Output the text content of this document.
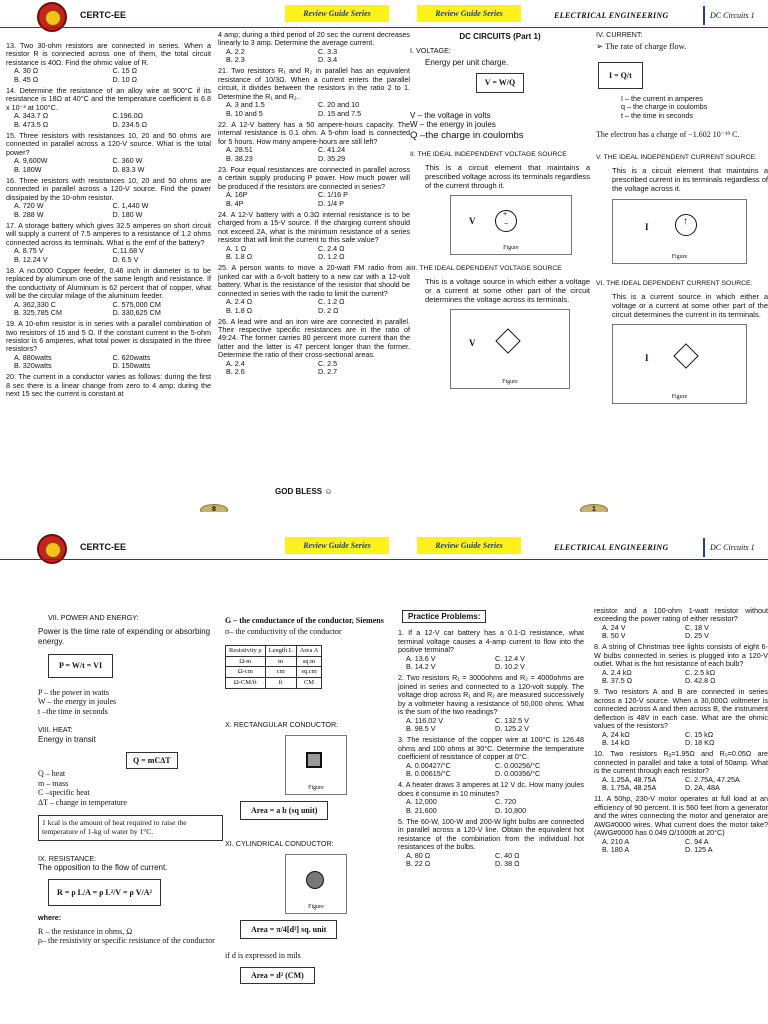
CERTC-EE	Review Guide Series	Review Guide Series	ELECTRICAL ENGINEERING	DC Circuits 1
13. Two 30-ohm resistors are connected in series. When a resistor R is connected across one of them, the total circuit resistance is 40Ω. Find the ohmic value of R.
A. 30 Ω	C. 15 Ω
B. 45 Ω	D. 10 Ω
14. Determine the resistance of an alloy wire at 900°C if its resistance is 18Ω at 40°C and the temperature coefficient is 6.8 x 10⁻³ at 100°C.
A. 343.7 Ω	C.196.0Ω
B. 473.5 Ω	D. 234.5 Ω
15. Three resistors with resistances 10, 20 and 50 ohms are connected in parallel across a 120-V source. What is the total power?
A. 9,600W	C. 360 W
B. 180W	D. 83.3 W
16. Three resistors with resistances 10, 20 and 50 ohms are connected in parallel across a 120-V source. Find the power dissipated by the 10-ohm resistor.
A. 720 W	C. 1,440 W
B. 288 W	D. 180 W
17. A storage battery which gives 32.5 amperes on short circuit will supply a current of 7.5 amperes to a resistance of 1.2 ohms connected across its terminals. What is the emf of the battery?
A. 8.75 V	C.11.68 V
B. 12.24 V	D. 6.5 V
18. A no.0000 Copper feeder, 0.46 inch in diameter is to be replaced by aluminum one of the same length and resistance. If the conductivity of Aluminum is 62 percent that of copper, what will be the circular milage of the aluminum feeder.
A. 362,330 C	C. 575,000 CM
B. 325,785 CM	D. 330,625 CM
19. A 10-ohm resistor is in series with a parallel combination of two resistors of 15 and 5 Ω. If the constant current in the 5-ohm resistor is 6 amperes, what total power is dissipated in the three resistors?
A. 880watts	C. 620watts
B. 320watts	D. 150watts
20. The current in a conductor varies as follows: during the first 8 sec there is a linear change from zero to 4 amp; during the next 15 sec the current is constant at
4 amp; during a third period of 20 sec the current decreases linearly to 3 amp. Determine the average current.
A. 2.2	C. 3.3
B. 2.3	D. 3.4
21. Two resistors R₁ and R₂ in parallel has an equivalent resistance of 10/3Ω. When a current enters the parallel circuit, it divides between the resistors in the ratio 2 to 1. Determine the R₁ and R₂.
A. 3 and 1.5	C. 20 and 10
B. 10 and 5	D. 15 and 7.5
22. A 12-V battery has a 50 ampere-hours capacity. The internal resistance is 0.1 ohm. A 5-ohm load is connected for 5 hours. How many ampere-hours are still left?
A. 28.51	C. 41.24
B. 38.23	D. 35.29
23. Four equal resistances are connected in parallel across a certain supply producing P power. How much power will be produced if the resistors are connected in series?
A. 16P	C. 1/16 P
B. 4P	D. 1/4 P
24. A 12-V battery with a 0.3Ω internal resistance is to be charged from a 15-V source. If the charging current should not exceed 2A, what is the minimum resistance of a series resistor that will limit the current to this safe value?
A. 1 Ω	C. 2.4 Ω
B. 1.8 Ω	D. 1.2 Ω
25. A person wants to move a 20-watt FM radio from a junked car with a 6-volt battery to a new car with a 12-volt battery. What is the resistance of the resistor that should be connected in series with the radio to limit the current?
A. 2.4 Ω	C. 1.2 Ω
B. 1.8 Ω	D. 2 Ω
26. A lead wire and an iron wire are connected in parallel. Their respective specific resistances are in the ratio of 49:24. The former carries 80 percent more current than the latter and the latter is 47 percent longer than the former. Determine the ratio of their cross-sectional areas.
A. 2.4	C. 2.5
B. 2.6	D. 2.7
GOD BLESS ☺
DC CIRCUITS (Part 1)
I. VOLTAGE:
Energy per unit charge.
V = W/Q
V – the voltage in volts
W – the energy in joules
Q –the charge in coulombs
II. THE IDEAL INDEPENDENT VOLTAGE SOURCE
This is a circuit element that maintains a prescribed voltage across its terminals regardless of the current through it.
V
+
−
Figure
III. THE IDEAL DEPENDENT VOLTAGE SOURCE
This is a voltage source in which either a voltage or a current at some other part of the circuit determines the voltage across its terminals.
V
Figure
IV. CURRENT:
➢ The rate of charge flow.
I = Q/t
I – the current in amperes
q – the charge in coulombs
t – the time in seconds
The electron has a charge of −1.602 10⁻¹⁹ C.
V. THE IDEAL INDEPENDENT CURRENT SOURCE:
This is a circuit element that maintains a prescribed current in its terminals regardless of the voltage across it.
I	↑
Figure
VI. THE IDEAL DEPENDENT CURRENT SOURCE:
This is a current source in which either a voltage or a current at some other part of the circuit determines the current in its terminals.
I
Figure
8	1
CERTC-EE	Review Guide Series	Review Guide Series	ELECTRICAL ENGINEERING	DC Circuits 1
VII. POWER AND ENERGY:
Power is the time rate of expending or absorbing energy.
P = W/t = VI
P – the power in watts
W – the energy in joules
t –the time in seconds
VIII. HEAT:
Energy in transit
Q = mCΔT
Q – heat
m – mass
C –specific heat
ΔT – change in temperature
1 kcal is the amount of heat required to raise the temperature of 1-kg of water by 1°C.
IX. RESISTANCE:
The opposition to the flow of current.
R = ρ L/A = ρ L²/V = ρ V/A²
where:
R – the resistance in ohms, Ω
ρ– the resistivity or specific resistance of the conductor
G – the conductance of the conductor, Siemens
σ– the conductivity of the conductor
Resistivity ρ	Length L	Area A
Ω-m	m	sq.m
Ω-cm	cm	sq.cm
Ω-CM/ft	ft	CM
X. RECTANGULAR CONDUCTOR:
Figure
Area = a b (sq unit)
XI. CYLINDRICAL CONDUCTOR:
Figure
Area = π/4[d²] sq. unit
if d is expressed in mils
Area = d² (CM)
Practice Problems:
1. If a 12-V car battery has a 0.1-Ω resistance, what terminal voltage causes a 4-amp current to flow into the positive terminal?
A. 13.6 V	C. 12.4 V
B. 14.2 V	D. 10.2 V
2. Two resistors R₁ = 3000ohms and R₂ = 4000ohms are joined in series and connected to a 120-volt supply. The voltage drop across R₁ and R₂ are measured successively by a voltmeter having a resistance of 50,000 ohms. What is the sum of the two readings?
A. 116.02 V	C. 132.5 V
B. 98.5 V	D. 125.2 V
3. The resistance of the copper wire at 100°C is 126.48 ohms and 100 ohms at 30°C. Determine the temperature coefficient of resistance of copper at 0°C.
A. 0.00427/°C	C. 0.00256/°C
B. 0.00615/°C	D. 0.00356/°C
4. A heater draws 3 amperes at 12 V dc. How many joules does it consume in 10 minutes?
A. 12,000	C. 720
B. 21,600	D. 10,800
5. The 60-W, 100-W and 200-W light bulbs are connected in parallel across a 120-V line. Obtain the equivalent hot resistance of the combination from the individual hot resistances of the bulbs.
A. 80 Ω	C. 40 Ω
B. 22 Ω	D. 38 Ω
resistor and a 100-ohm 1-watt resistor without exceeding the power rating of either resistor?
A. 24 V	C. 18 V
B. 50 V	D. 25 V
8. A string of Christmas tree lights consists of eight 6-W bulbs connected in series is plugged into a 120-V outlet. What is the hot resistance of each bulb?
A. 2.4 kΩ	C. 2.5 kΩ
B. 37.5 Ω	D. 42.8 Ω
9. Two resistors A and B are connected in series across a 120-V source. When a 30,000Ω voltmeter is connected across A and then across B, the instrument deflection is 48V in each case. What are the ohmic values of the resistors?
A. 24 kΩ	C. 15 kΩ
B. 14 kΩ	D. 18 KΩ
10. Two resistors Rₐ=1.95Ω and R₀=0.05Ω are connected in parallel and take a total of 50amp. What is the current through each resistor?
A. 1.25A, 48.75A	C. 2.75A, 47.25A
B. 1.75A, 48.25A	D. 2A, 48A
11. A 50hp, 230-V motor operates at full load at an efficiency of 90 percent. It is 560 feet from a generator and the wires connecting the motor and generator are AWG#0000 wires. What current does the motor take? (AWG#0000 has 0.049 Ω/1000ft at 20°C)
A. 210 A	C. 94 A
B. 180 A	D. 125 A
